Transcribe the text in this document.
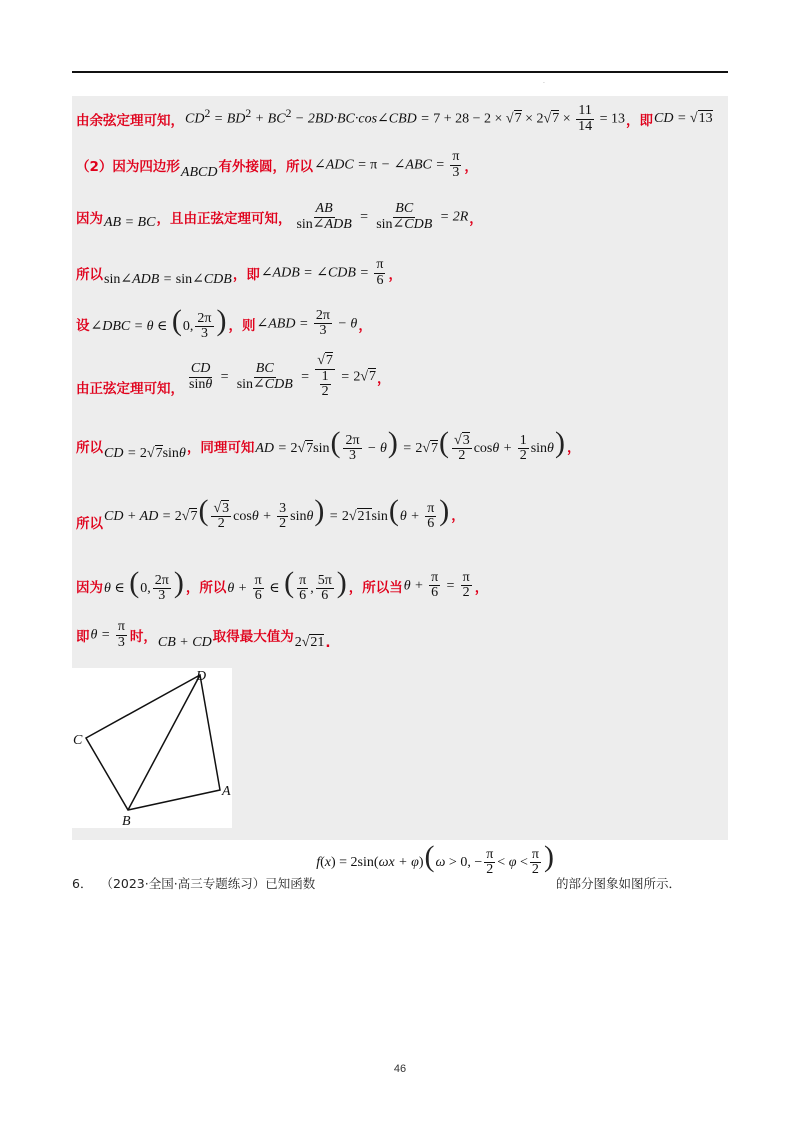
.
由余弦定理可知， $CD^2 = BD^2 + BC^2$ − 2BD·BC·cos∠CBD = $7 + 28 - 2 \times √7 \times 2√7 \times \frac{11}{14} = 13$ ，即 CD = √13
（2）因为四边形 ABCD 有外接圆，所以 ∠ADC = π − ∠ABC = $\frac{\pi}{3}$ ，
因为 AB = BC ，且由正弦定理可知， $\frac{AB}{\text{sin∠ADB}} = \frac{BC}{\text{sin∠CDB}} = 2R$ ，
所以 sin∠ADB = sin∠CDB ，即 ∠ADB = ∠CDB = $\frac{\pi}{6}$ ，
设 ∠DBC = θ ∈ (0, $\frac{2\pi}{3}$ ) ，则 ∠ABD = $\frac{2\pi}{3} - \theta$ ，
由正弦定理可知， $\frac{CD}{\sin\theta} = \frac{BC}{\text{sin∠CDB}} = \frac{√7}{\frac{1}{2}} = 2√7$ ，
所以 CD = 2√7sinθ ，同理可知 AD = $2√7\sin( \frac{2\pi}{3} - \theta) = 2√7( \frac{√3}{2}$ $\cos\theta + \frac{1}{2} \sin\theta$) ，
所以 CD + AD = $2√7( \frac{√3}{2}$ $\cos\theta + \frac{3}{2} \sin\theta) = 2√21\sin(\theta + \frac{\pi}{6}$ ) ，
因为 θ ∈ (0, $\frac{2\pi}{3}$ ) ，所以 $\theta + \frac{\pi}{6}$ ∈ ( $\frac{\pi}{6}$ , $\frac{5\pi}{6}$ ) ，所以当 $\theta + \frac{\pi}{6} = \frac{\pi}{2}$ ，
即 $\theta = \frac{\pi}{3}$ 时， CB + CD 取得最大值为 2√21 .
D
C
A
B
6． （2023·全国·高三专题练习）已知函数
f(x) = 2sin(ωx + φ)(ω > 0, − $\frac{\pi}{2} < \varphi < \frac{\pi}{2}$ )
的部分图象如图所示．
46
